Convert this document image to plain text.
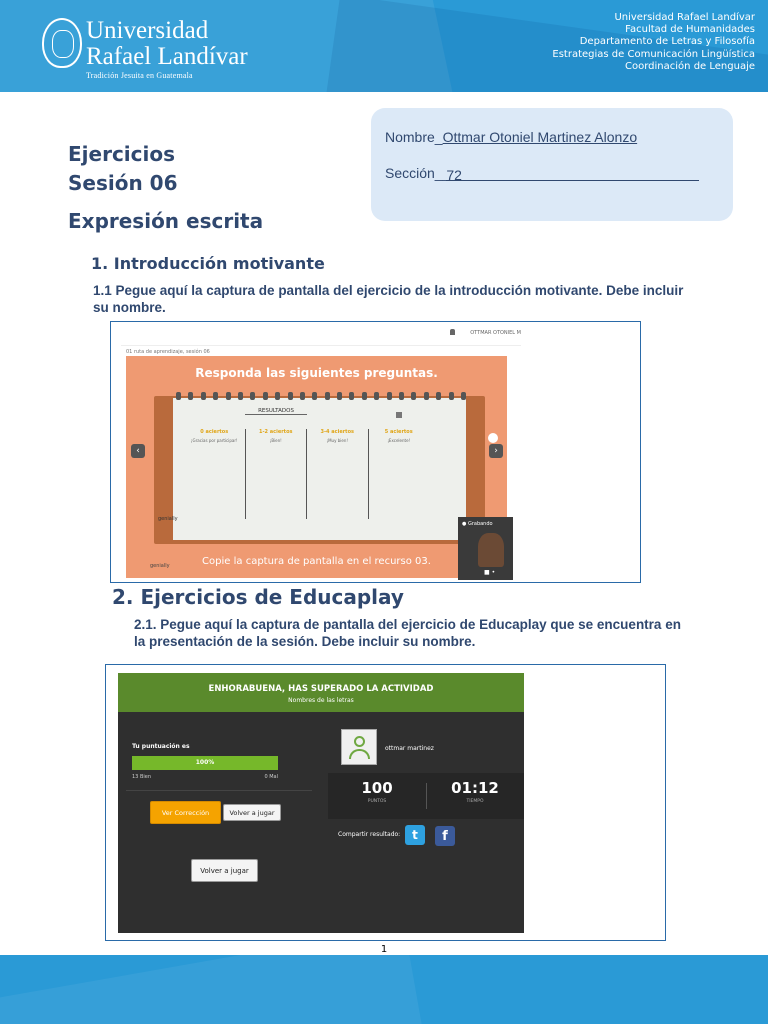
Universidad
Rafael Landívar
Tradición Jesuita en Guatemala
Universidad Rafael Landívar
Facultad de Humanidades
Departamento de Letras y Filosofía
Estrategias de Comunicación Lingüística
Coordinación de Lenguaje
Ejercicios
Sesión 06
Expresión escrita
Nombre_Ottmar Otoniel Martinez Alonzo
Sección__72
1. Introducción motivante
1.1 Pegue aquí la captura de pantalla del ejercicio de la introducción motivante. Debe incluir su nombre.
OTTMAR OTONIEL M
01 ruta de aprendizaje, sesión 06
Responda las siguientes preguntas.
RESULTADOS
0 aciertos
¡Gracias por participar!
1-2 aciertos
¡Bien!
3-4 aciertos
¡Muy bien!
5 aciertos
¡Excelente!
‹	›
genially
Copie la captura de pantalla en el recurso 03.
genially
● Grabando
■ •
2. Ejercicios de Educaplay
2.1. Pegue aquí la captura de pantalla del ejercicio de Educaplay que se encuentra en la presentación de la sesión. Debe incluir su nombre.
ENHORABUENA, HAS SUPERADO LA ACTIVIDAD
Nombres de las letras
Tu puntuación es
100%
13 Bien	0 Mal
Ver Corrección	Volver a jugar
Volver a jugar
ottmar martinez
100
PUNTOS
01:12
TIEMPO
Compartir resultado: t	f
1
